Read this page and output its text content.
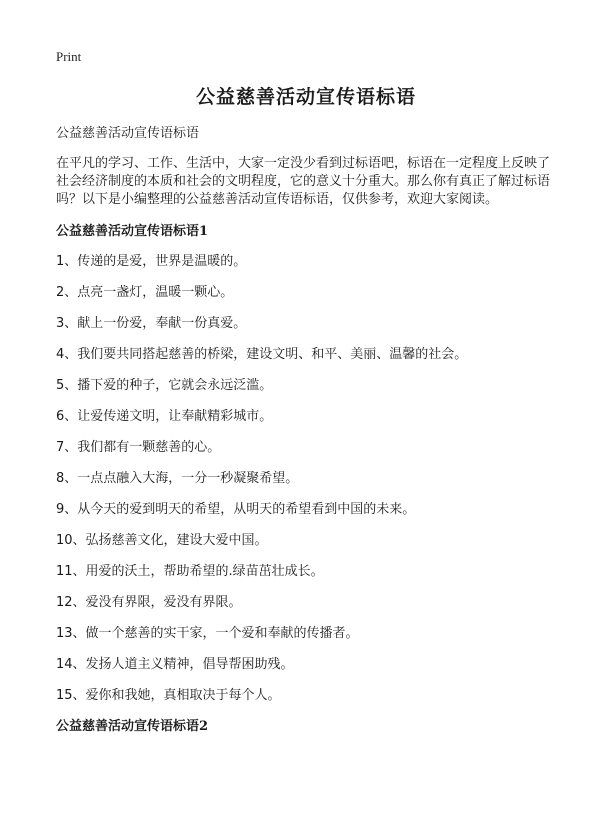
Print
公益慈善活动宣传语标语

公益慈善活动宣传语标语

在平凡的学习、工作、生活中，大家一定没少看到过标语吧，标语在一定程度上反映了社会经济制度的本质和社会的文明程度，它的意义十分重大。那么你有真正了解过标语吗？以下是小编整理的公益慈善活动宣传语标语，仅供参考，欢迎大家阅读。

公益慈善活动宣传语标语1
1、传递的是爱，世界是温暖的。
2、点亮一盏灯，温暖一颗心。
3、献上一份爱，奉献一份真爱。
4、我们要共同搭起慈善的桥梁，建设文明、和平、美丽、温馨的社会。
5、播下爱的种子，它就会永远泛滥。
6、让爱传递文明，让奉献精彩城市。
7、我们都有一颗慈善的心。
8、一点点融入大海，一分一秒凝聚希望。
9、从今天的爱到明天的希望，从明天的希望看到中国的未来。
10、弘扬慈善文化，建设大爱中国。
11、用爱的沃土，帮助希望的.绿苗茁壮成长。
12、爱没有界限，爱没有界限。
13、做一个慈善的实干家，一个爱和奉献的传播者。
14、发扬人道主义精神，倡导帮困助残。
15、爱你和我她，真相取决于每个人。
公益慈善活动宣传语标语2
